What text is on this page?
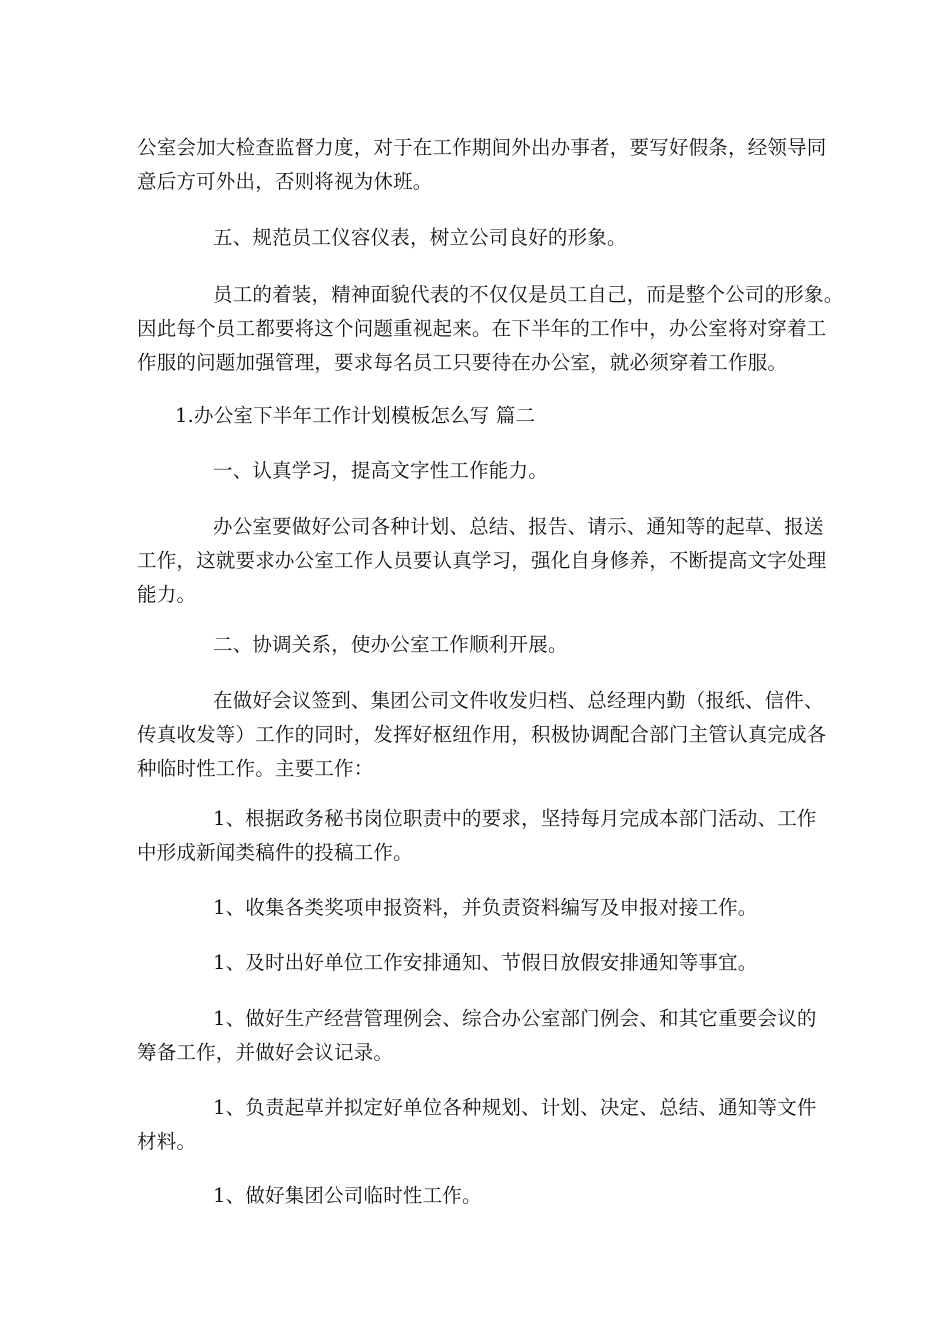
公室会加大检查监督力度，对于在工作期间外出办事者，要写好假条，经领导同
意后方可外出，否则将视为休班。

五、规范员工仪容仪表，树立公司良好的形象。

员工的着装，精神面貌代表的不仅仅是员工自己，而是整个公司的形象。
因此每个员工都要将这个问题重视起来。在下半年的工作中，办公室将对穿着工
作服的问题加强管理，要求每名员工只要待在办公室，就必须穿着工作服。

1.办公室下半年工作计划模板怎么写 篇二

一、认真学习，提高文字性工作能力。

办公室要做好公司各种计划、总结、报告、请示、通知等的起草、报送
工作，这就要求办公室工作人员要认真学习，强化自身修养，不断提高文字处理
能力。

二、协调关系，使办公室工作顺利开展。

在做好会议签到、集团公司文件收发归档、总经理内勤（报纸、信件、
传真收发等）工作的同时，发挥好枢纽作用，积极协调配合部门主管认真完成各
种临时性工作。主要工作：

1、根据政务秘书岗位职责中的要求，坚持每月完成本部门活动、工作
中形成新闻类稿件的投稿工作。

1、收集各类奖项申报资料，并负责资料编写及申报对接工作。

1、及时出好单位工作安排通知、节假日放假安排通知等事宜。

1、做好生产经营管理例会、综合办公室部门例会、和其它重要会议的
筹备工作，并做好会议记录。

1、负责起草并拟定好单位各种规划、计划、决定、总结、通知等文件
材料。

1、做好集团公司临时性工作。
